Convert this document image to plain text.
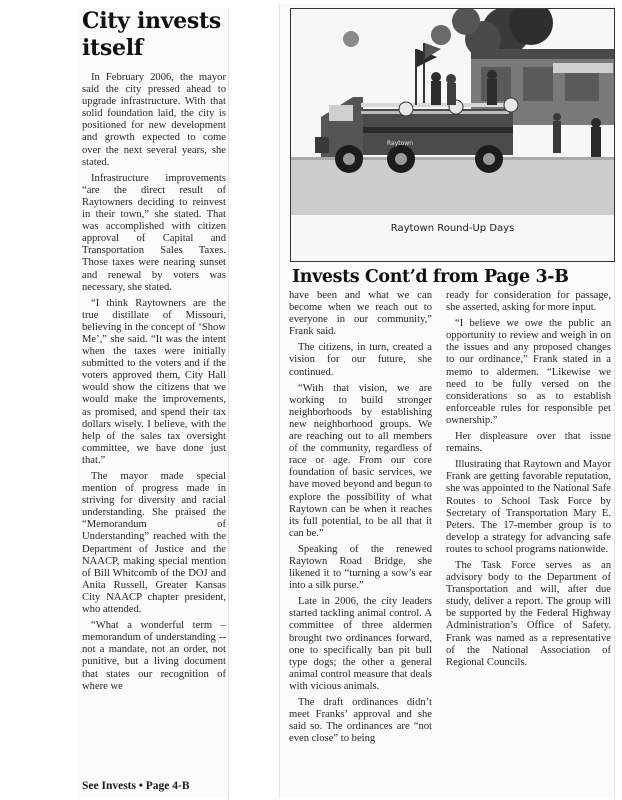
City invests itself

In February 2006, the mayor said the city pressed ahead to upgrade infrastructure. With that solid foundation laid, the city is positioned for new development and growth expected to come over the next several years, she stated.

Infrastructure improvements “are the direct result of Raytowners deciding to reinvest in their town,” she stated. That was accomplished with citizen approval of Capital and Transportation Sales Taxes. Those taxes were nearing sunset and renewal by voters was necessary, she stated.

“I think Raytowners are the true distillate of Missouri, believing in the concept of ‘Show Me’,” she said. “It was the intent when the taxes were initially submitted to the voters and if the voters approved them, City Hall would show the citizens that we would make the improvements, as promised, and spend their tax dollars wisely. I believe, with the help of the sales tax oversight committee, we have done just that.”

The mayor made special mention of progress made in striving for diversity and racial understanding. She praised the “Memorandum of Understanding” reached with the Department of Justice and the NAACP, making special mention of Bill Whitcomb of the DOJ and Anita Russell, Greater Kansas City NAACP chapter president, who attended.

“What a wonderful term – memorandum of understanding -- not a mandate, not an order, not punitive, but a living document that states our recognition of where we

See Invests • Page 4-B
Raytown
Raytown Round-Up Days
Invests Cont’d from Page 3-B

have been and what we can become when we reach out to everyone in our community,” Frank said.

The citizens, in turn, created a vision for our future, she continued.

“With that vision, we are working to build stronger neighborhoods by establishing new neighborhood groups. We are reaching out to all members of the community, regardless of race or age. From our core foundation of basic services, we have moved beyond and begun to explore the possibility of what Raytown can be when it reaches its full potential, to be all that it can be.”

Speaking of the renewed Raytown Road Bridge, she likened it to “turning a sow’s ear into a silk purse.”

Late in 2006, the city leaders started tackling animal control. A committee of three aldermen brought two ordinances forward, one to specifically ban pit bull type dogs; the other a general animal control measure that deals with vicious animals.

The draft ordinances didn’t meet Franks’ approval and she said so. The ordinances are “not even close” to being

ready for consideration for passage, she asserted, asking for more input.

“I believe we owe the public an opportunity to review and weigh in on the issues and any proposed changes to our ordinance,” Frank stated in a memo to aldermen. “Likewise we need to be fully versed on the considerations so as to establish enforceable rules for responsible pet ownership.”

Her displeasure over that issue remains.

Illustrating that Raytown and Mayor Frank are getting favorable reputation, she was appointed to the National Safe Routes to School Task Force by Secretary of Transportation Mary E. Peters. The 17-member group is to develop a strategy for advancing safe routes to school programs nationwide.

The Task Force serves as an advisory body to the Department of Transportation and will, after due study, deliver a report. The group will be supported by the Federal Highway Administration’s Office of Safety. Frank was named as a representative of the National Association of Regional Councils.
